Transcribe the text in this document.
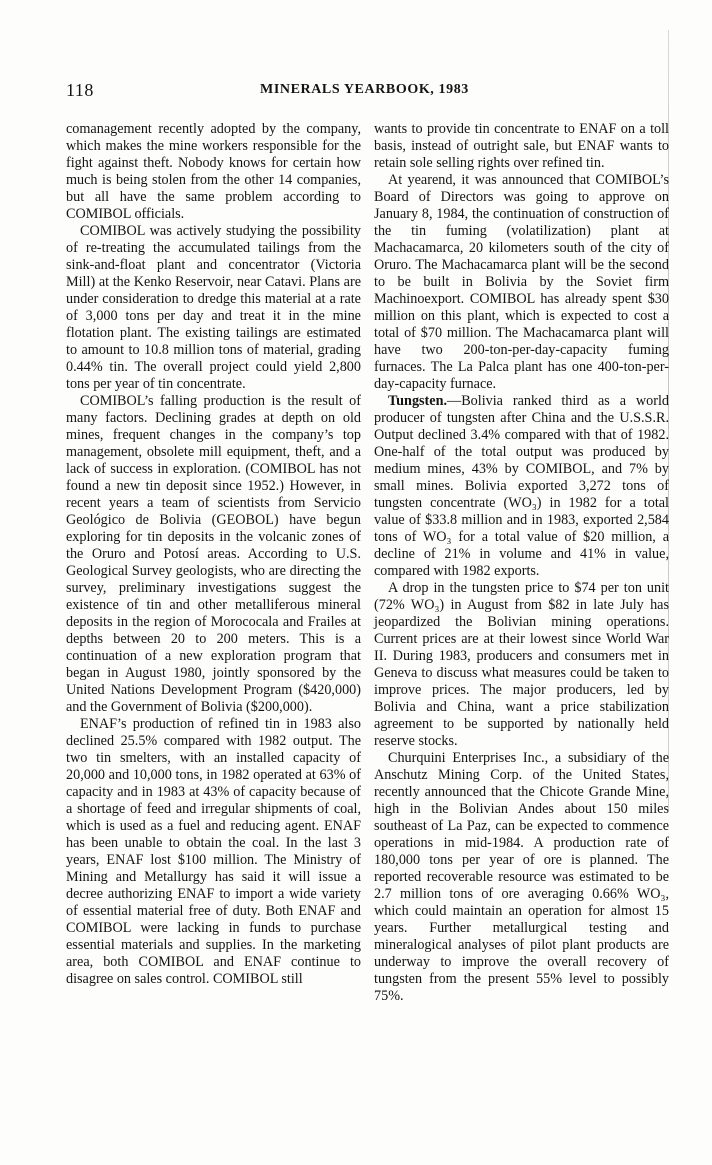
118	MINERALS YEARBOOK, 1983

comanagement recently adopted by the company, which makes the mine workers responsible for the fight against theft. Nobody knows for certain how much is being stolen from the other 14 companies, but all have the same problem according to COMIBOL officials.

COMIBOL was actively studying the possibility of re-treating the accumulated tailings from the sink-and-float plant and concentrator (Victoria Mill) at the Kenko Reservoir, near Catavi. Plans are under consideration to dredge this material at a rate of 3,000 tons per day and treat it in the mine flotation plant. The existing tailings are estimated to amount to 10.8 million tons of material, grading 0.44% tin. The overall project could yield 2,800 tons per year of tin concentrate.

COMIBOL’s falling production is the result of many factors. Declining grades at depth on old mines, frequent changes in the company’s top management, obsolete mill equipment, theft, and a lack of success in exploration. (COMIBOL has not found a new tin deposit since 1952.) However, in recent years a team of scientists from Servicio Geológico de Bolivia (GEOBOL) have begun exploring for tin deposits in the volcanic zones of the Oruro and Potosí areas. According to U.S. Geological Survey geologists, who are directing the survey, preliminary investigations suggest the existence of tin and other metalliferous mineral deposits in the region of Morococala and Frailes at depths between 20 to 200 meters. This is a continuation of a new exploration program that began in August 1980, jointly sponsored by the United Nations Development Program ($420,000) and the Government of Bolivia ($200,000).

ENAF’s production of refined tin in 1983 also declined 25.5% compared with 1982 output. The two tin smelters, with an installed capacity of 20,000 and 10,000 tons, in 1982 operated at 63% of capacity and in 1983 at 43% of capacity because of a shortage of feed and irregular shipments of coal, which is used as a fuel and reducing agent. ENAF has been unable to obtain the coal. In the last 3 years, ENAF lost $100 million. The Ministry of Mining and Metallurgy has said it will issue a decree authorizing ENAF to import a wide variety of essential material free of duty. Both ENAF and COMIBOL were lacking in funds to purchase essential materials and supplies. In the marketing area, both COMIBOL and ENAF continue to disagree on sales control. COMIBOL still

wants to provide tin concentrate to ENAF on a toll basis, instead of outright sale, but ENAF wants to retain sole selling rights over refined tin.

At yearend, it was announced that COMIBOL’s Board of Directors was going to approve on January 8, 1984, the continuation of construction of the tin fuming (volatilization) plant at Machacamarca, 20 kilometers south of the city of Oruro. The Machacamarca plant will be the second to be built in Bolivia by the Soviet firm Machinoexport. COMIBOL has already spent $30 million on this plant, which is expected to cost a total of $70 million. The Machacamarca plant will have two 200-ton-per-day-capacity fuming furnaces. The La Palca plant has one 400-ton-per-day-capacity furnace.

Tungsten.—Bolivia ranked third as a world producer of tungsten after China and the U.S.S.R. Output declined 3.4% compared with that of 1982. One-half of the total output was produced by medium mines, 43% by COMIBOL, and 7% by small mines. Bolivia exported 3,272 tons of tungsten concentrate (WO₃) in 1982 for a total value of $33.8 million and in 1983, exported 2,584 tons of WO₃ for a total value of $20 million, a decline of 21% in volume and 41% in value, compared with 1982 exports.

A drop in the tungsten price to $74 per ton unit (72% WO₃) in August from $82 in late July has jeopardized the Bolivian mining operations. Current prices are at their lowest since World War II. During 1983, producers and consumers met in Geneva to discuss what measures could be taken to improve prices. The major producers, led by Bolivia and China, want a price stabilization agreement to be supported by nationally held reserve stocks.

Churquini Enterprises Inc., a subsidiary of the Anschutz Mining Corp. of the United States, recently announced that the Chicote Grande Mine, high in the Bolivian Andes about 150 miles southeast of La Paz, can be expected to commence operations in mid-1984. A production rate of 180,000 tons per year of ore is planned. The reported recoverable resource was estimated to be 2.7 million tons of ore averaging 0.66% WO₃, which could maintain an operation for almost 15 years. Further metallurgical testing and mineralogical analyses of pilot plant products are underway to improve the overall recovery of tungsten from the present 55% level to possibly 75%.
